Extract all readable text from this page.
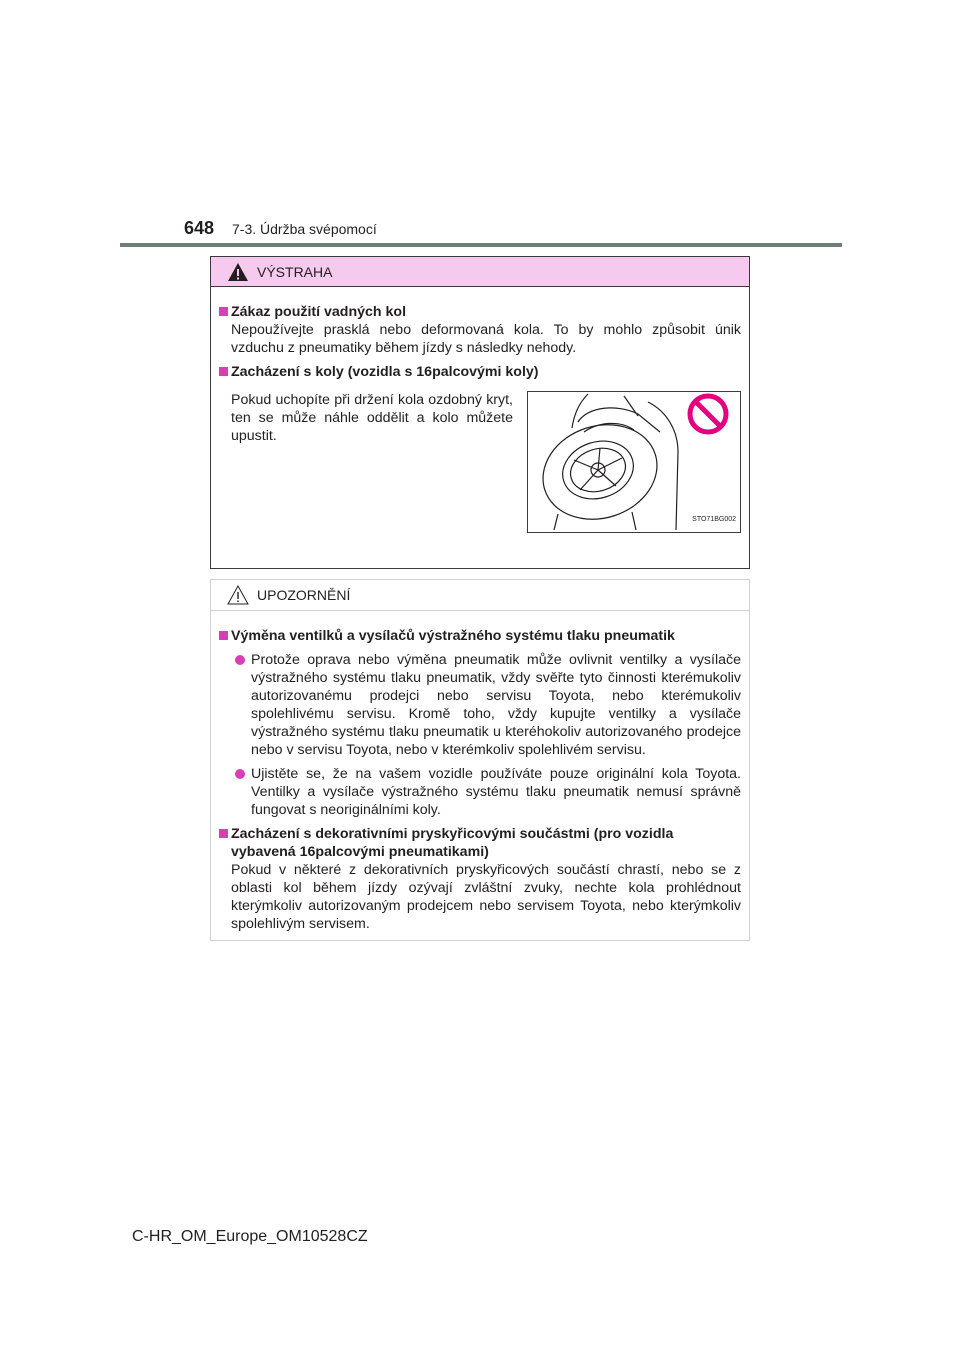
648 7-3. Údržba svépomocí
VÝSTRAHA
Zákaz použití vadných kol
Nepoužívejte prasklá nebo deformovaná kola. To by mohlo způsobit únik vzduchu z pneumatiky během jízdy s následky nehody.
Zacházení s koly (vozidla s 16palcovými koly)
Pokud uchopíte při držení kola ozdobný kryt, ten se může náhle oddělit a kolo můžete upustit.
STO71BG002
UPOZORNĚNÍ
Výměna ventilků a vysílačů výstražného systému tlaku pneumatik
Protože oprava nebo výměna pneumatik může ovlivnit ventilky a vysílače výstražného systému tlaku pneumatik, vždy svěřte tyto činnosti kterémukoliv autorizovanému prodejci nebo servisu Toyota, nebo kterémukoliv spolehlivému servisu. Kromě toho, vždy kupujte ventilky a vysílače výstražného systému tlaku pneumatik u kteréhokoliv autorizovaného prodejce nebo v servisu Toyota, nebo v kterémkoliv spolehlivém servisu.
Ujistěte se, že na vašem vozidle používáte pouze originální kola Toyota. Ventilky a vysílače výstražného systému tlaku pneumatik nemusí správně fungovat s neoriginálními koly.
Zacházení s dekorativními pryskyřicovými součástmi (pro vozidla vybavená 16palcovými pneumatikami)
Pokud v některé z dekorativních pryskyřicových součástí chrastí, nebo se z oblasti kol během jízdy ozývají zvláštní zvuky, nechte kola prohlédnout kterýmkoliv autorizovaným prodejcem nebo servisem Toyota, nebo kterýmkoliv spolehlivým servisem.
C-HR_OM_Europe_OM10528CZ
